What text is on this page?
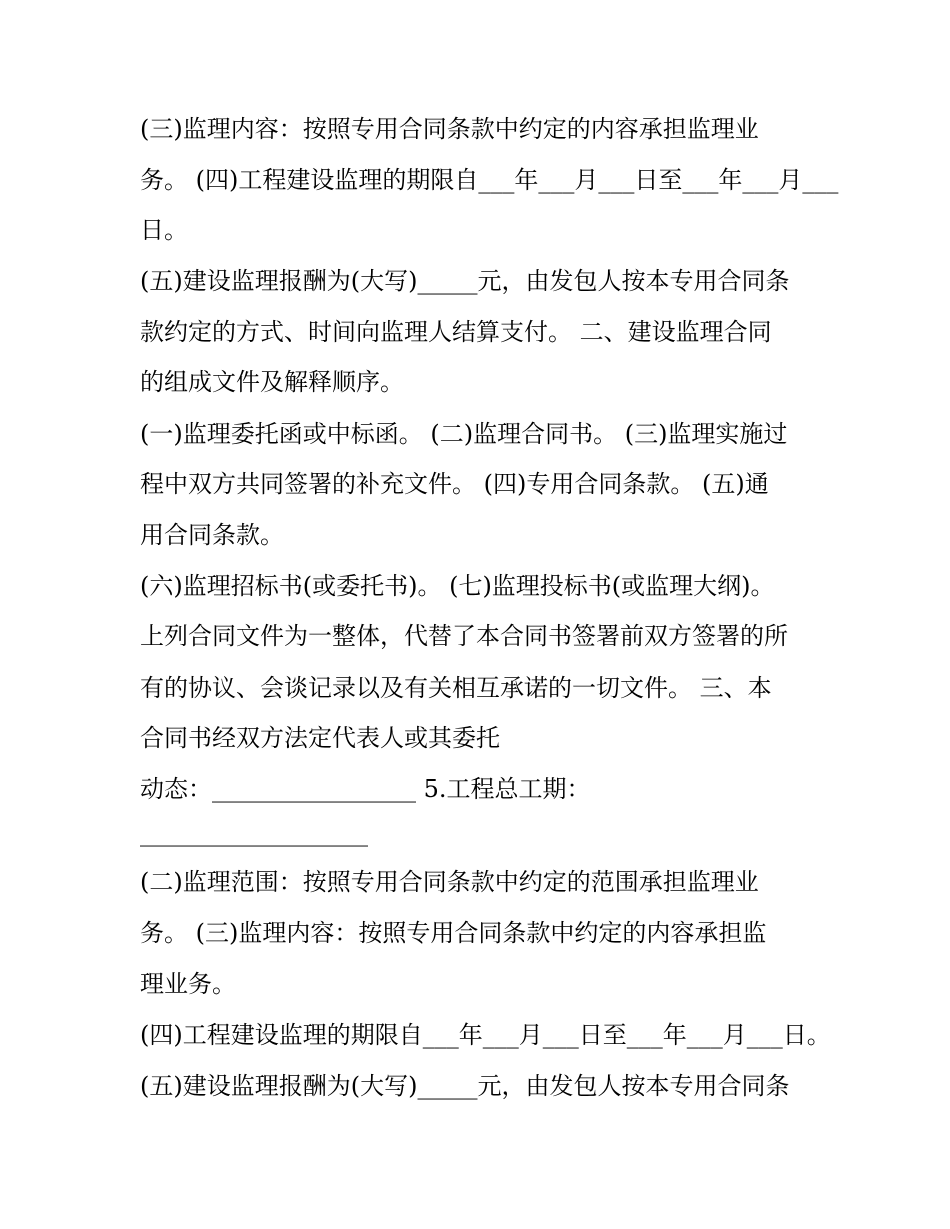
(三)监理内容：按照专用合同条款中约定的内容承担监理业
务。 (四)工程建设监理的期限自___年___月___日至___年___月___
日。
(五)建设监理报酬为(大写)_____元，由发包人按本专用合同条
款约定的方式、时间向监理人结算支付。 二、建设监理合同
的组成文件及解释顺序。
(一)监理委托函或中标函。 (二)监理合同书。 (三)监理实施过
程中双方共同签署的补充文件。 (四)专用合同条款。 (五)通
用合同条款。
(六)监理招标书(或委托书)。 (七)监理投标书(或监理大纲)。
上列合同文件为一整体，代替了本合同书签署前双方签署的所
有的协议、会谈记录以及有关相互承诺的一切文件。 三、本
合同书经双方法定代表人或其委托
动态：_________________ 5.工程总工期：
___________________
(二)监理范围：按照专用合同条款中约定的范围承担监理业
务。 (三)监理内容：按照专用合同条款中约定的内容承担监
理业务。
(四)工程建设监理的期限自___年___月___日至___年___月___日。
(五)建设监理报酬为(大写)_____元，由发包人按本专用合同条
